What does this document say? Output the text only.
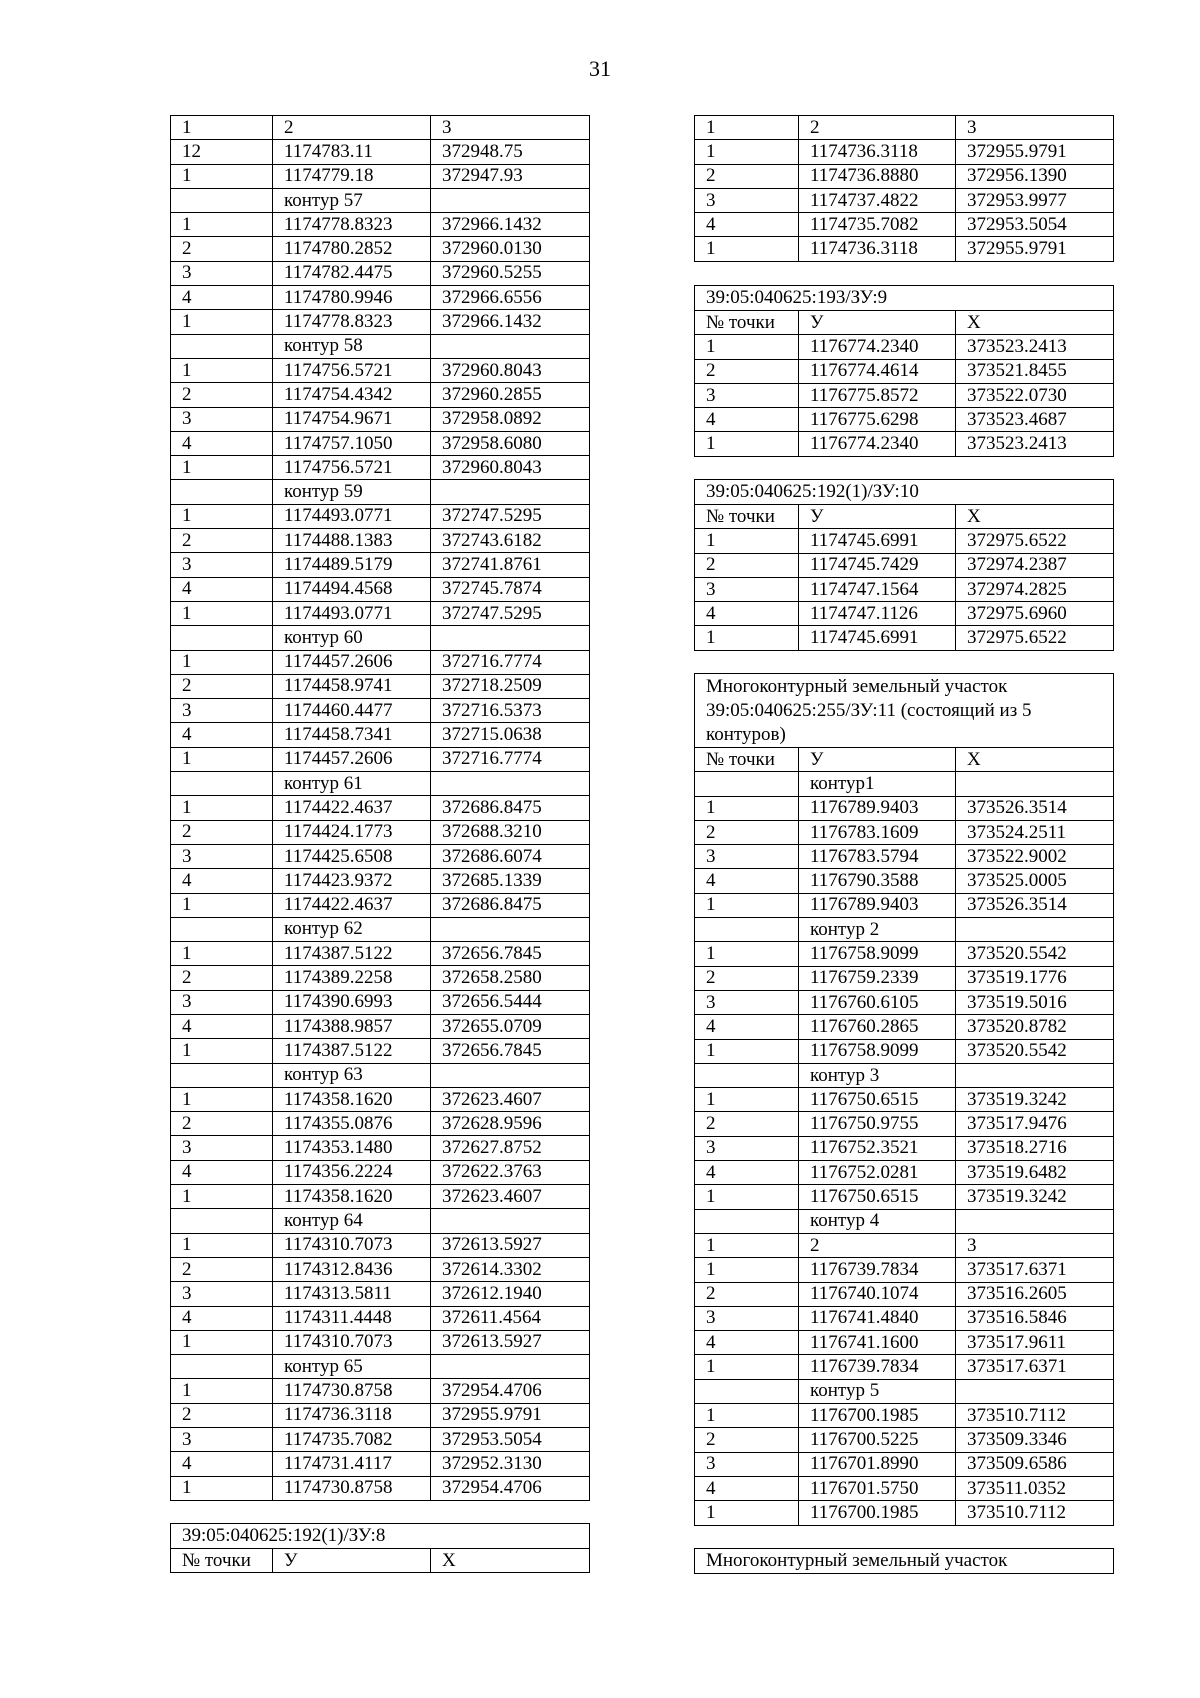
31
1	2	3
12	1174783.11	372948.75
1	1174779.18	372947.93
	контур 57	
1	1174778.8323	372966.1432
2	1174780.2852	372960.0130
3	1174782.4475	372960.5255
4	1174780.9946	372966.6556
1	1174778.8323	372966.1432
	контур 58	
1	1174756.5721	372960.8043
2	1174754.4342	372960.2855
3	1174754.9671	372958.0892
4	1174757.1050	372958.6080
1	1174756.5721	372960.8043
	контур 59	
1	1174493.0771	372747.5295
2	1174488.1383	372743.6182
3	1174489.5179	372741.8761
4	1174494.4568	372745.7874
1	1174493.0771	372747.5295
	контур 60	
1	1174457.2606	372716.7774
2	1174458.9741	372718.2509
3	1174460.4477	372716.5373
4	1174458.7341	372715.0638
1	1174457.2606	372716.7774
	контур 61	
1	1174422.4637	372686.8475
2	1174424.1773	372688.3210
3	1174425.6508	372686.6074
4	1174423.9372	372685.1339
1	1174422.4637	372686.8475
	контур 62	
1	1174387.5122	372656.7845
2	1174389.2258	372658.2580
3	1174390.6993	372656.5444
4	1174388.9857	372655.0709
1	1174387.5122	372656.7845
	контур 63	
1	1174358.1620	372623.4607
2	1174355.0876	372628.9596
3	1174353.1480	372627.8752
4	1174356.2224	372622.3763
1	1174358.1620	372623.4607
	контур 64	
1	1174310.7073	372613.5927
2	1174312.8436	372614.3302
3	1174313.5811	372612.1940
4	1174311.4448	372611.4564
1	1174310.7073	372613.5927
	контур 65	
1	1174730.8758	372954.4706
2	1174736.3118	372955.9791
3	1174735.7082	372953.5054
4	1174731.4117	372952.3130
1	1174730.8758	372954.4706
39:05:040625:192(1)/ЗУ:8
№ точки	У	Х
1	2	3
1	1174736.3118	372955.9791
2	1174736.8880	372956.1390
3	1174737.4822	372953.9977
4	1174735.7082	372953.5054
1	1174736.3118	372955.9791
39:05:040625:193/ЗУ:9		
№ точки	У	Х
1	1176774.2340	373523.2413
2	1176774.4614	373521.8455
3	1176775.8572	373522.0730
4	1176775.6298	373523.4687
1	1176774.2340	373523.2413
39:05:040625:192(1)/ЗУ:10		
№ точки	У	Х
1	1174745.6991	372975.6522
2	1174745.7429	372974.2387
3	1174747.1564	372974.2825
4	1174747.1126	372975.6960
1	1174745.6991	372975.6522
Многоконтурный земельный участок 39:05:040625:255/ЗУ:11 (состоящий из 5 контуров)		
№ точки	У	Х
	контур1	
1	1176789.9403	373526.3514
2	1176783.1609	373524.2511
3	1176783.5794	373522.9002
4	1176790.3588	373525.0005
1	1176789.9403	373526.3514
	контур 2	
1	1176758.9099	373520.5542
2	1176759.2339	373519.1776
3	1176760.6105	373519.5016
4	1176760.2865	373520.8782
1	1176758.9099	373520.5542
	контур 3	
1	1176750.6515	373519.3242
2	1176750.9755	373517.9476
3	1176752.3521	373518.2716
4	1176752.0281	373519.6482
1	1176750.6515	373519.3242
	контур 4	
1	2	3
1	1176739.7834	373517.6371
2	1176740.1074	373516.2605
3	1176741.4840	373516.5846
4	1176741.1600	373517.9611
1	1176739.7834	373517.6371
	контур 5	
1	1176700.1985	373510.7112
2	1176700.5225	373509.3346
3	1176701.8990	373509.6586
4	1176701.5750	373511.0352
1	1176700.1985	373510.7112
Многоконтурный земельный участок
